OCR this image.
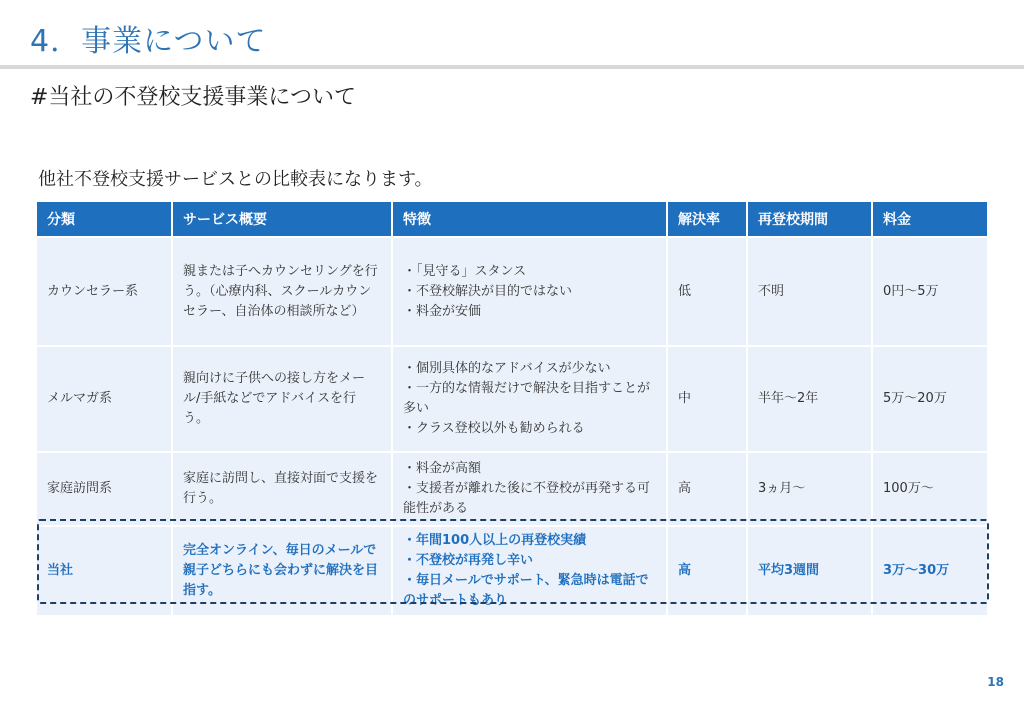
4．事業について
#当社の不登校支援事業について
他社不登校支援サービスとの比較表になります。
分類	サービス概要	特徴	解決率	再登校期間	料金
カウンセラー系	親または子へカウンセリングを行う。（心療内科、スクールカウンセラー、自治体の相談所など）	・「見守る」スタンス
・不登校解決が目的ではない
・料金が安価	低	不明	0円～5万
メルマガ系	親向けに子供への接し方をメール/手紙などでアドバイスを行う。	・個別具体的なアドバイスが少ない
・一方的な情報だけで解決を目指すことが多い
・クラス登校以外も勧められる	中	半年～2年	5万～20万
家庭訪問系	家庭に訪問し、直接対面で支援を行う。	・料金が高額
・支援者が離れた後に不登校が再発する可能性がある	高	3ヵ月～	100万～
当社	完全オンライン、毎日のメールで親子どちらにも会わずに解決を目指す。	・年間100人以上の再登校実績
・不登校が再発し辛い
・毎日メールでサポート、緊急時は電話でのサポートもあり	高	平均3週間	3万～30万
18
